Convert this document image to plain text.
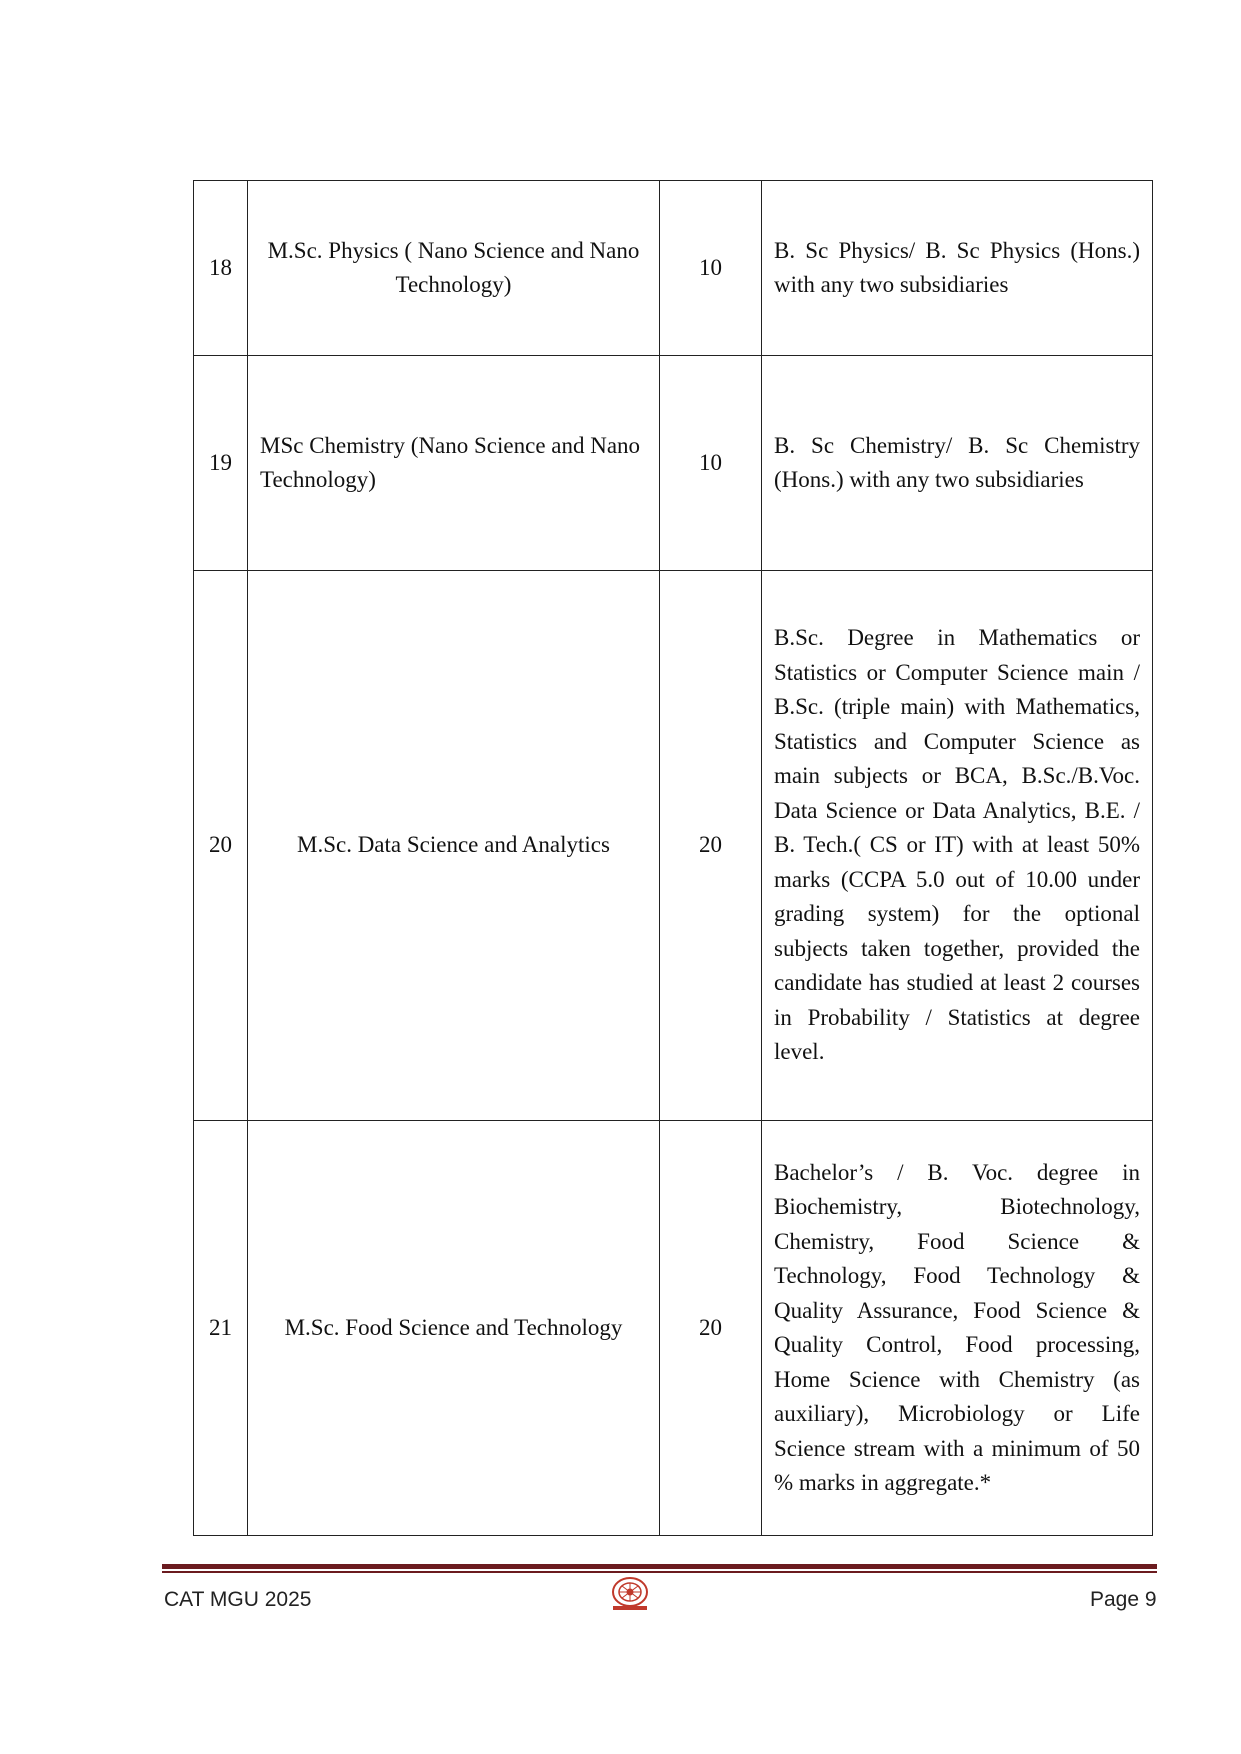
18	M.Sc. Physics ( Nano Science and Nano Technology)	10	B. Sc Physics/ B. Sc Physics (Hons.) with any two subsidiaries
19	MSc Chemistry (Nano Science and Nano Technology)	10	B. Sc Chemistry/ B. Sc Chemistry (Hons.) with any two subsidiaries
20	M.Sc. Data Science and Analytics	20	B.Sc. Degree in Mathematics or Statistics or Computer Science main / B.Sc. (triple main) with Mathematics, Statistics and Computer Science as main subjects or BCA, B.Sc./B.Voc. Data Science or Data Analytics, B.E. / B. Tech.( CS or IT) with at least 50% marks (CCPA 5.0 out of 10.00 under grading system) for the optional subjects taken together, provided the candidate has studied at least 2 courses in Probability / Statistics at degree level.
21	M.Sc. Food Science and Technology	20	Bachelor’s / B. Voc. degree in Biochemistry, Biotechnology, Chemistry, Food Science & Technology, Food Technology & Quality Assurance, Food Science & Quality Control, Food processing, Home Science with Chemistry (as auxiliary), Microbiology or Life Science stream with a minimum of 50 % marks in aggregate.*
CAT MGU 2025	Page 9
